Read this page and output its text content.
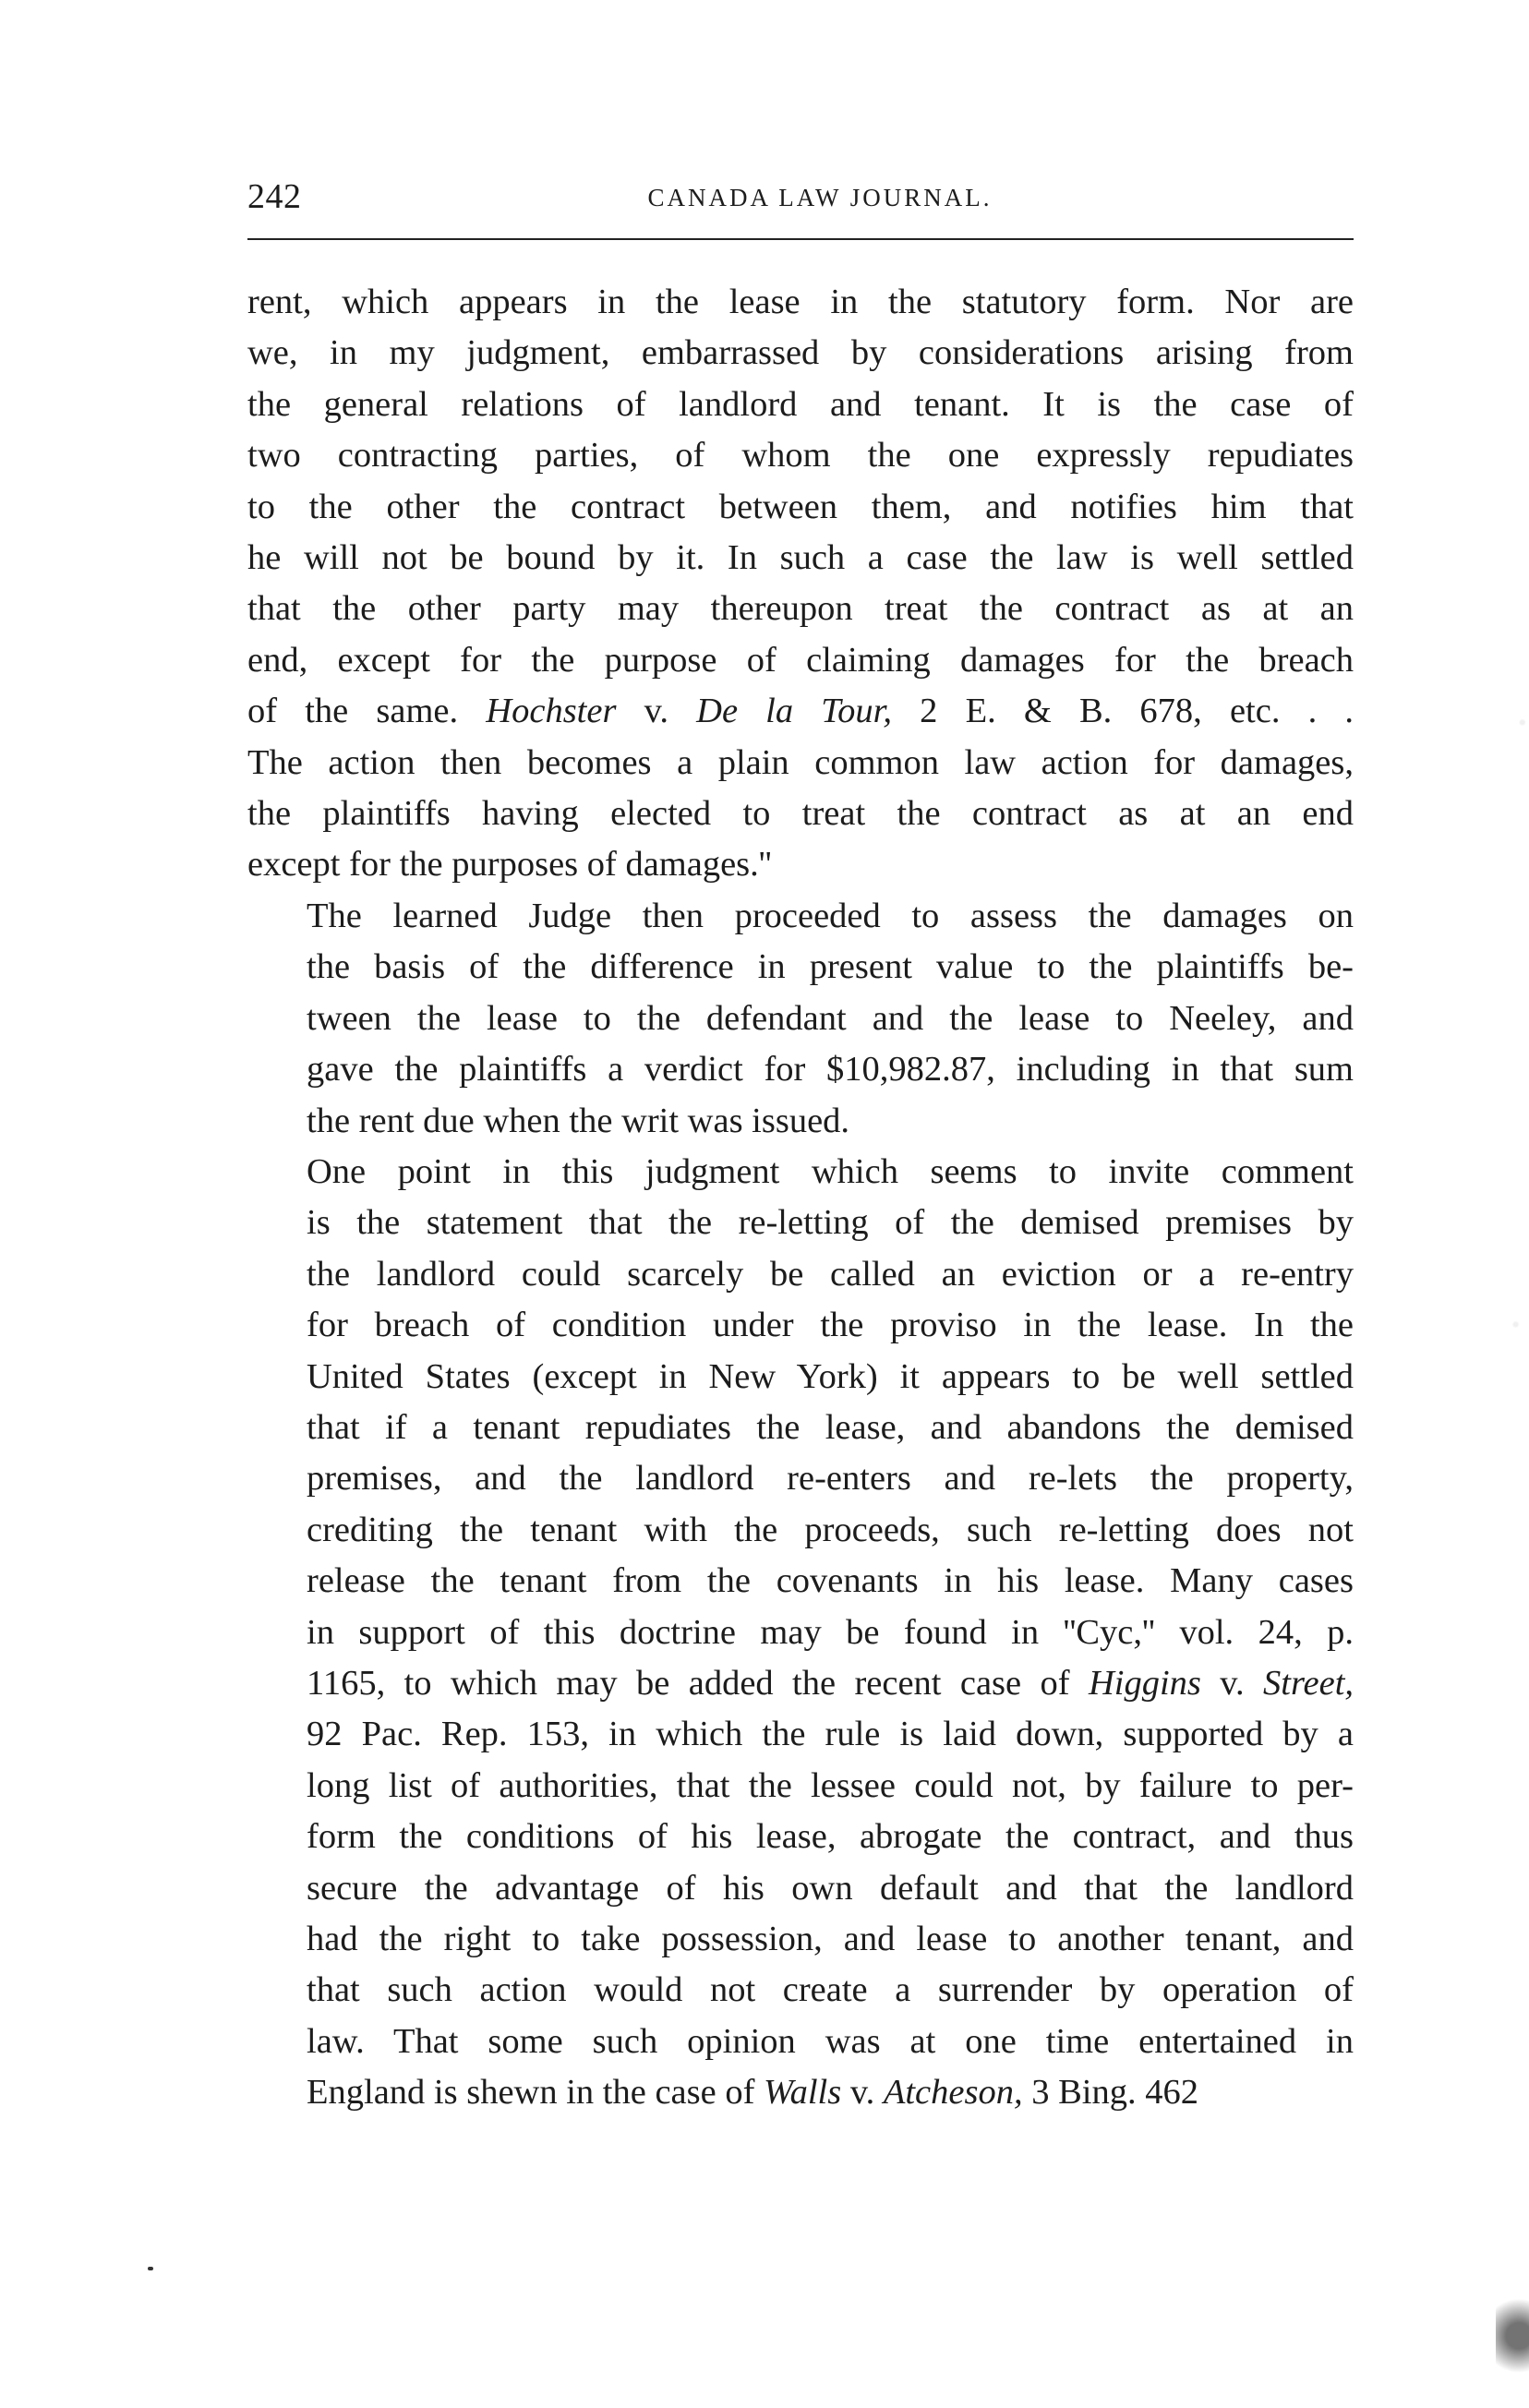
242	CANADA LAW JOURNAL.

rent, which appears in the lease in the statutory form. Nor are
we, in my judgment, embarrassed by considerations arising from
the general relations of landlord and tenant. It is the case of
two contracting parties, of whom the one expressly repudiates
to the other the contract between them, and notifies him that
he will not be bound by it. In such a case the law is well settled
that the other party may thereupon treat the contract as at an
end, except for the purpose of claiming damages for the breach
of the same. Hochster v. De la Tour, 2 E. & B. 678, etc. . .
The action then becomes a plain common law action for damages,
the plaintiffs having elected to treat the contract as at an end
except for the purposes of damages.''

The learned Judge then proceeded to assess the damages on
the basis of the difference in present value to the plaintiffs be-
tween the lease to the defendant and the lease to Neeley, and
gave the plaintiffs a verdict for $10,982.87, including in that sum
the rent due when the writ was issued.

One point in this judgment which seems to invite comment
is the statement that the re-letting of the demised premises by
the landlord could scarcely be called an eviction or a re-entry
for breach of condition under the proviso in the lease. In the
United States (except in New York) it appears to be well settled
that if a tenant repudiates the lease, and abandons the demised
premises, and the landlord re-enters and re-lets the property,
crediting the tenant with the proceeds, such re-letting does not
release the tenant from the covenants in his lease. Many cases
in support of this doctrine may be found in ''Cyc,'' vol. 24, p.
1165, to which may be added the recent case of Higgins v. Street,
92 Pac. Rep. 153, in which the rule is laid down, supported by a
long list of authorities, that the lessee could not, by failure to per-
form the conditions of his lease, abrogate the contract, and thus
secure the advantage of his own default and that the landlord
had the right to take possession, and lease to another tenant, and
that such action would not create a surrender by operation of
law. That some such opinion was at one time entertained in
England is shewn in the case of Walls v. Atcheson, 3 Bing. 462
